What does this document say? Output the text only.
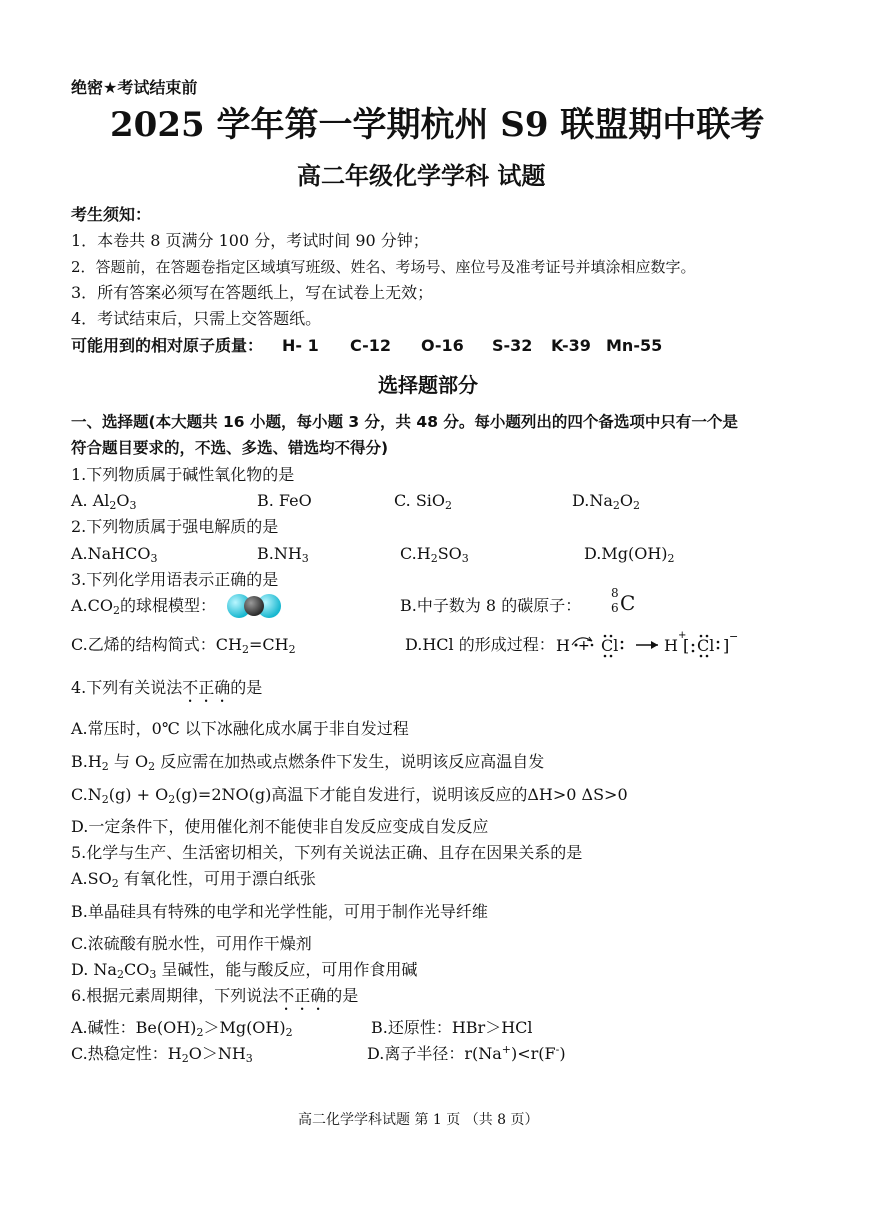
绝密★考试结束前
2025 学年第一学期杭州 S9 联盟期中联考
高二年级化学学科 试题
考生须知：
1．本卷共 8 页满分 100 分，考试时间 90 分钟；
2．答题前，在答题卷指定区域填写班级、姓名、考场号、座位号及准考证号并填涂相应数字。
3．所有答案必须写在答题纸上，写在试卷上无效；
4．考试结束后，只需上交答题纸。
可能用到的相对原子质量： H- 1 C-12 O-16 S-32 K-39 Mn-55
选择题部分
一、选择题(本大题共 16 小题，每小题 3 分，共 48 分。每小题列出的四个备选项中只有一个是
符合题目要求的，不选、多选、错选均不得分)
1.下列物质属于碱性氧化物的是
A. $Al_2O_3$	B. FeO	C. SiO$_2$	$D.Na_2O_2$
2.下列物质属于强电解质的是
A.NaHCO$_3$	$B.NH_3$	$C.H_2SO_3$	$D.Mg(OH)_2$
3.下列化学用语表示正确的是
$A.CO_2$的球棍模型：	B.中子数为 8 的碳原子：
8
6 C
C.乙烯的结构简式：$CH_2=CH_2$	D.HCl 的形成过程： H +
+
[ ] −
Cl	H Cl
4.下列有关说法不正确的是
A.常压时，0℃ 以下冰融化成水属于非自发过程
$B.H_2$ 与 $O_2$ 反应需在加热或点燃条件下发生，说明该反应高温自发
$C.N_2(g) + O_2(g)=2NO(g)$高温下才能自发进行，说明该反应的ΔH>0 ΔS>0
D.一定条件下，使用催化剂不能使非自发反应变成自发反应
5.化学与生产、生活密切相关，下列有关说法正确、且存在因果关系的是
$A.SO_2$ 有氧化性，可用于漂白纸张
B.单晶硅具有特殊的电学和光学性能，可用于制作光导纤维
C.浓硫酸有脱水性，可用作干燥剂
D. $Na_2CO_3$ 呈碱性，能与酸反应，可用作食用碱
6.根据元素周期律，下列说法不正确的是
A.碱性：$Be(OH)_2>Mg(OH)_2$	B.还原性：HBr＞HCl
C.热稳定性：$H_2O>NH_3$	D.离子半径：r(Na+)<r(F-)
高二化学学科试题 第 1 页 （共 8 页）
